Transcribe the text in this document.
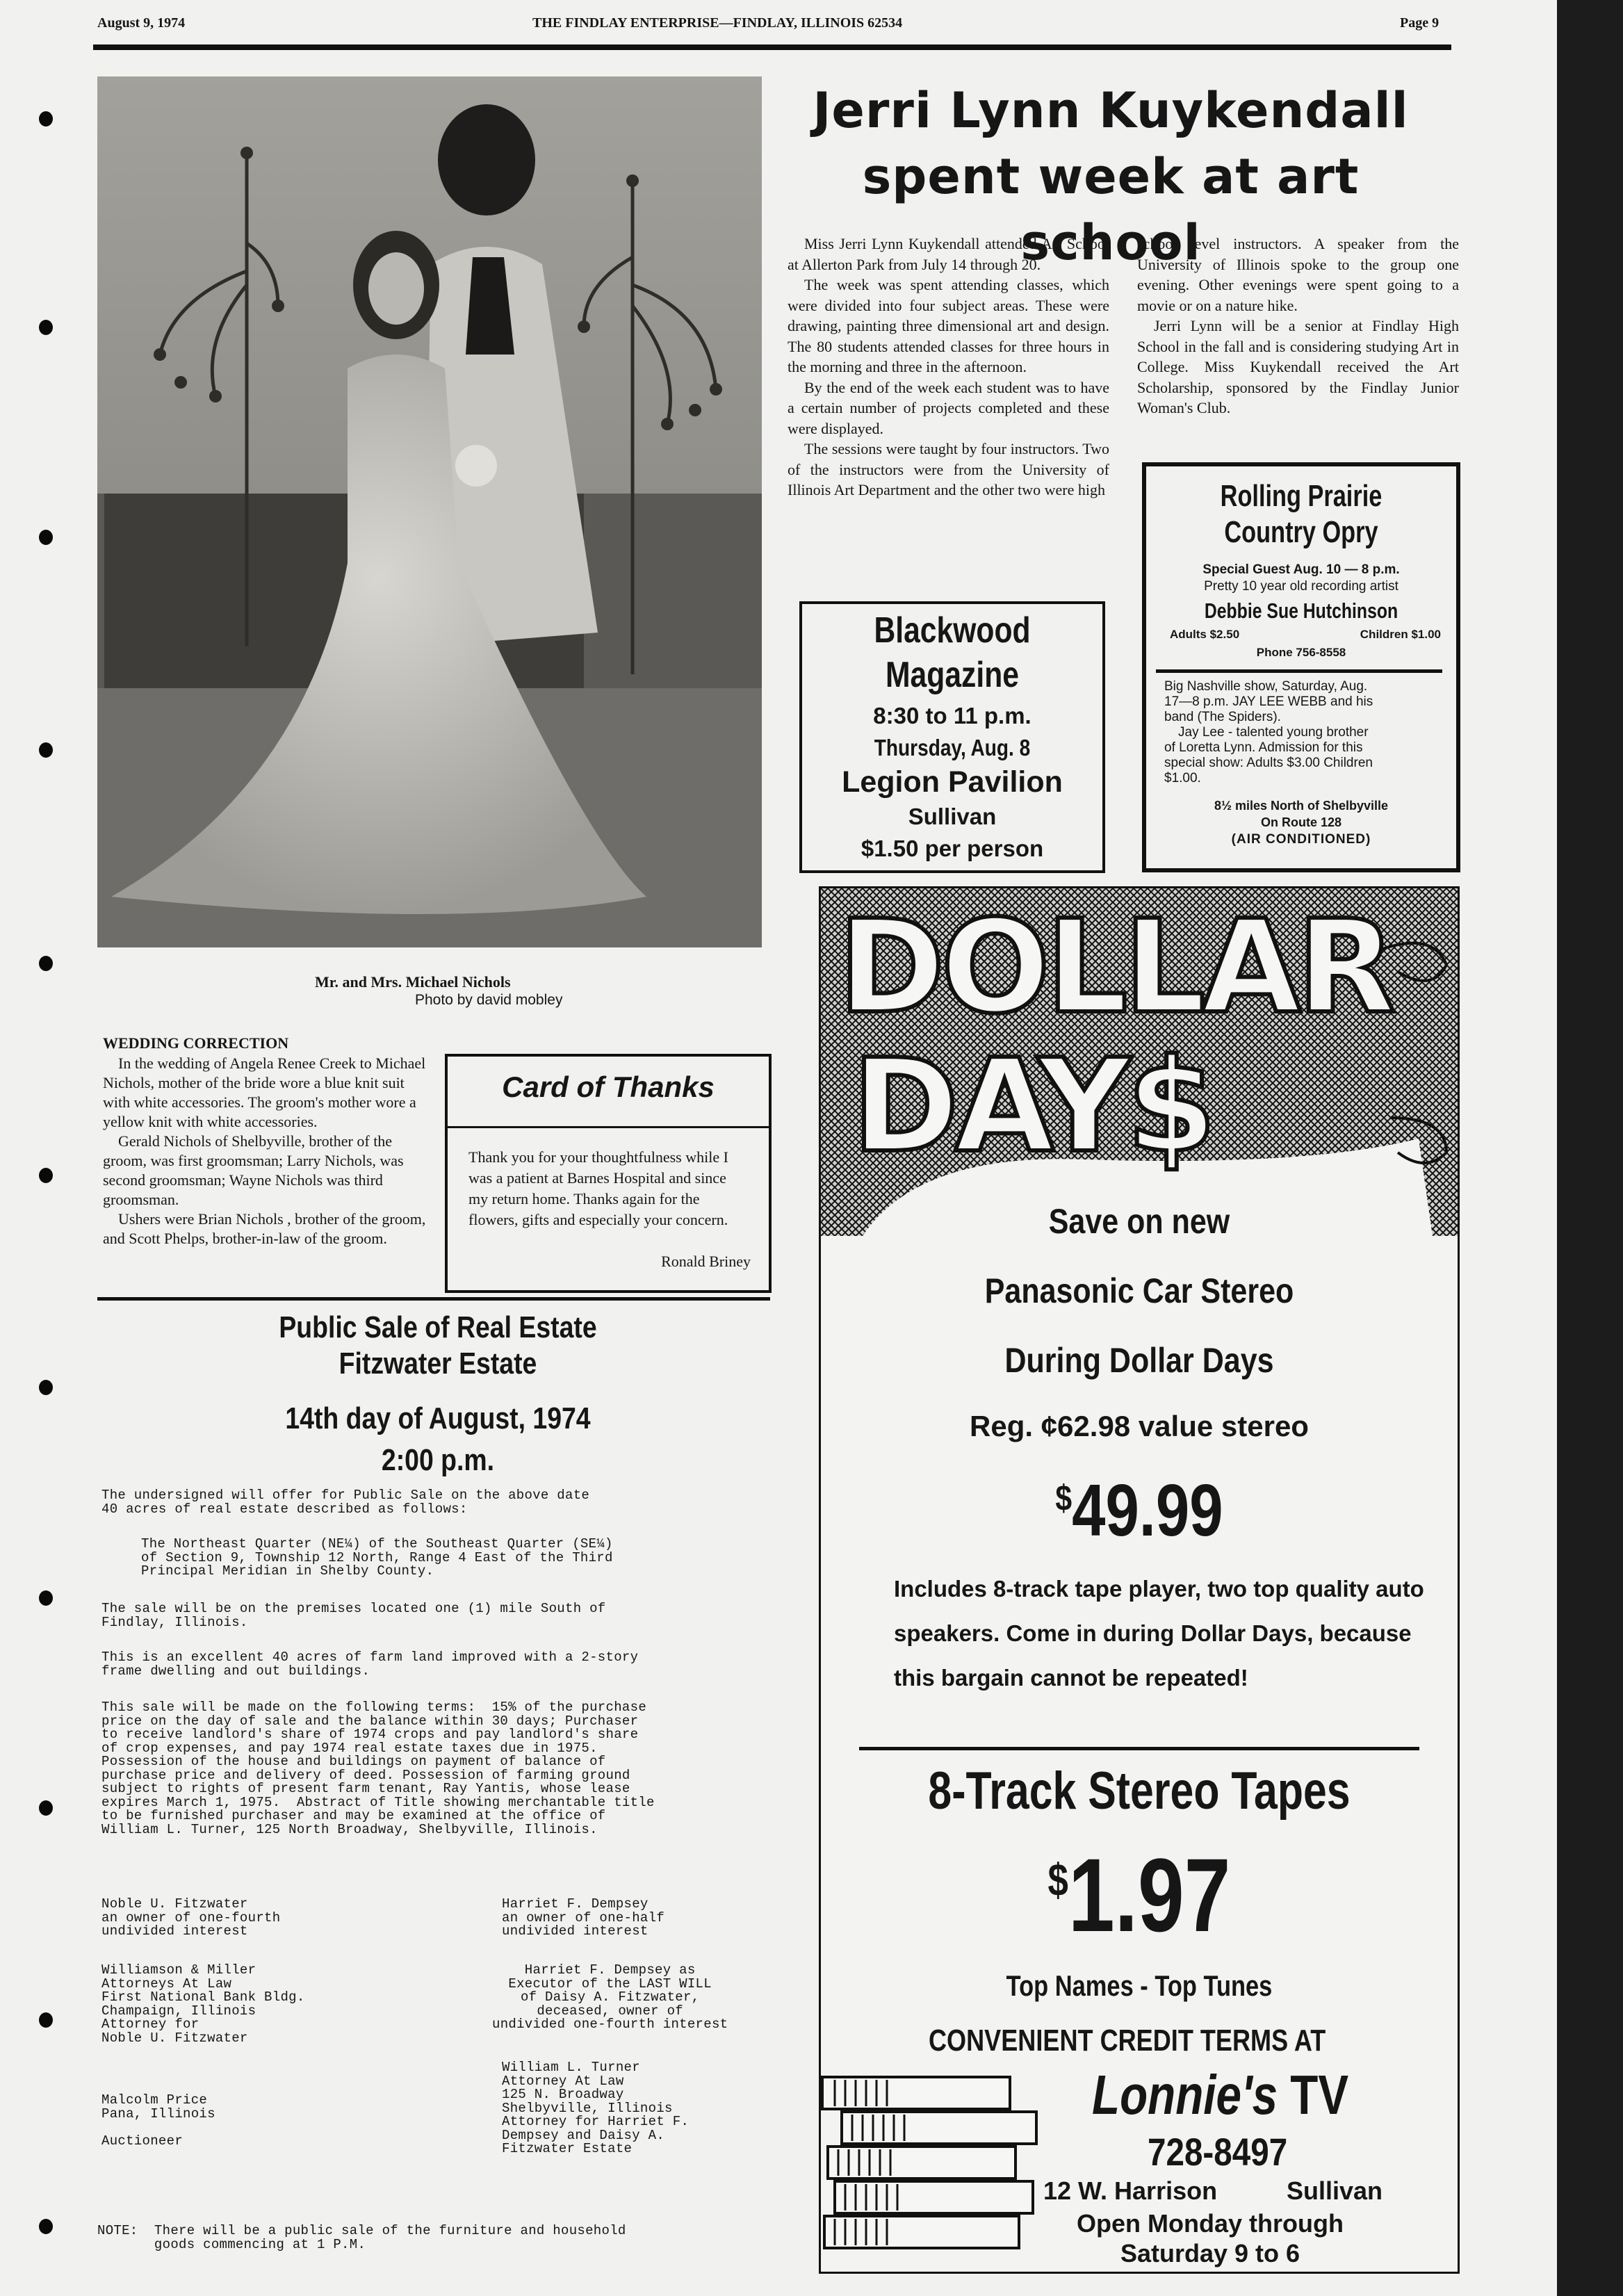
August 9, 1974	THE FINDLAY ENTERPRISE—FINDLAY, ILLINOIS 62534	Page 9
Mr. and Mrs. Michael Nichols
Photo by david mobley
Jerri Lynn Kuykendall
spent week at art school

Miss Jerri Lynn Kuykendall attended Art School at Allerton Park from July 14 through 20.

The week was spent attending classes, which were divided into four subject areas. These were drawing, painting three dimensional art and design. The 80 students attended classes for three hours in the morning and three in the afternoon.

By the end of the week each student was to have a certain number of projects completed and these were displayed.

The sessions were taught by four instructors. Two of the instructors were from the University of Illinois Art Department and the other two were high

school level instructors. A speaker from the University of Illinois spoke to the group one evening. Other evenings were spent going to a movie or on a nature hike.

Jerri Lynn will be a senior at Findlay High School in the fall and is considering studying Art in College. Miss Kuykendall received the Art Scholarship, sponsored by the Findlay Junior Woman's Club.

Blackwood
Magazine
8:30 to 11 p.m.
Thursday, Aug. 8
Legion Pavilion
Sullivan
$1.50 per person
Rolling Prairie
Country Opry
Special Guest Aug. 10 — 8 p.m.
Pretty 10 year old recording artist
Debbie Sue Hutchinson
Adults $2.50	Children $1.00
Phone 756-8558
Big Nashville show, Saturday, Aug.
17—8 p.m. JAY LEE WEBB and his
band (The Spiders).
Jay Lee - talented young brother
of Loretta Lynn. Admission for this
special show: Adults $3.00 Children
$1.00.
8½ miles North of Shelbyville
On Route 128
(AIR CONDITIONED)
WEDDING CORRECTION

In the wedding of Angela Renee Creek to Michael Nichols, mother of the bride wore a blue knit suit with white accessories. The groom's mother wore a yellow knit with white accessories.

Gerald Nichols of Shelbyville, brother of the groom, was first groomsman; Larry Nichols, was second groomsman; Wayne Nichols was third groomsman.

Ushers were Brian Nichols , brother of the groom, and Scott Phelps, brother-in-law of the groom.

Card of Thanks
Thank you for your thoughtfulness while I was a patient at Barnes Hospital and since my return home. Thanks again for the flowers, gifts and especially your concern.
Ronald Briney
Public Sale of Real Estate
Fitzwater Estate
14th day of August, 1974
2:00 p.m.
The undersigned will offer for Public Sale on the above date
40 acres of real estate described as follows:
The Northeast Quarter (NE¼) of the Southeast Quarter (SE¼)
of Section 9, Township 12 North, Range 4 East of the Third
Principal Meridian in Shelby County.
The sale will be on the premises located one (1) mile South of
Findlay, Illinois.
This is an excellent 40 acres of farm land improved with a 2-story
frame dwelling and out buildings.
This sale will be made on the following terms:  15% of the purchase
price on the day of sale and the balance within 30 days; Purchaser
to receive landlord's share of 1974 crops and pay landlord's share
of crop expenses, and pay 1974 real estate taxes due in 1975.
Possession of the house and buildings on payment of balance of
purchase price and delivery of deed. Possession of farming ground
subject to rights of present farm tenant, Ray Yantis, whose lease
expires March 1, 1975.  Abstract of Title showing merchantable title
to be furnished purchaser and may be examined at the office of
William L. Turner, 125 North Broadway, Shelbyville, Illinois.
Noble U. Fitzwater
an owner of one-fourth
undivided interest
Williamson & Miller
Attorneys At Law
First National Bank Bldg.
Champaign, Illinois
Attorney for
Noble U. Fitzwater
Malcolm Price
Pana, Illinois

Auctioneer
Harriet F. Dempsey
an owner of one-half
undivided interest
Harriet F. Dempsey as
Executor of the LAST WILL
of Daisy A. Fitzwater,
deceased, owner of
undivided one-fourth interest
William L. Turner
Attorney At Law
125 N. Broadway
Shelbyville, Illinois
Attorney for Harriet F.
Dempsey and Daisy A.
Fitzwater Estate
NOTE:  There will be a public sale of the furniture and household
goods commencing at 1 P.M.
DOLLAR
DAY$
Save on new
Panasonic Car Stereo
During Dollar Days
Reg. ¢62.98 value stereo
$49.99
Includes 8-track tape player, two top quality auto speakers. Come in during Dollar Days, because this bargain cannot be repeated!
8-Track Stereo Tapes
$1.97
Top Names - Top Tunes
CONVENIENT CREDIT TERMS AT
Lonnie's TV
728-8497
12 W. Harrison	Sullivan
Open Monday through
Saturday 9 to 6
